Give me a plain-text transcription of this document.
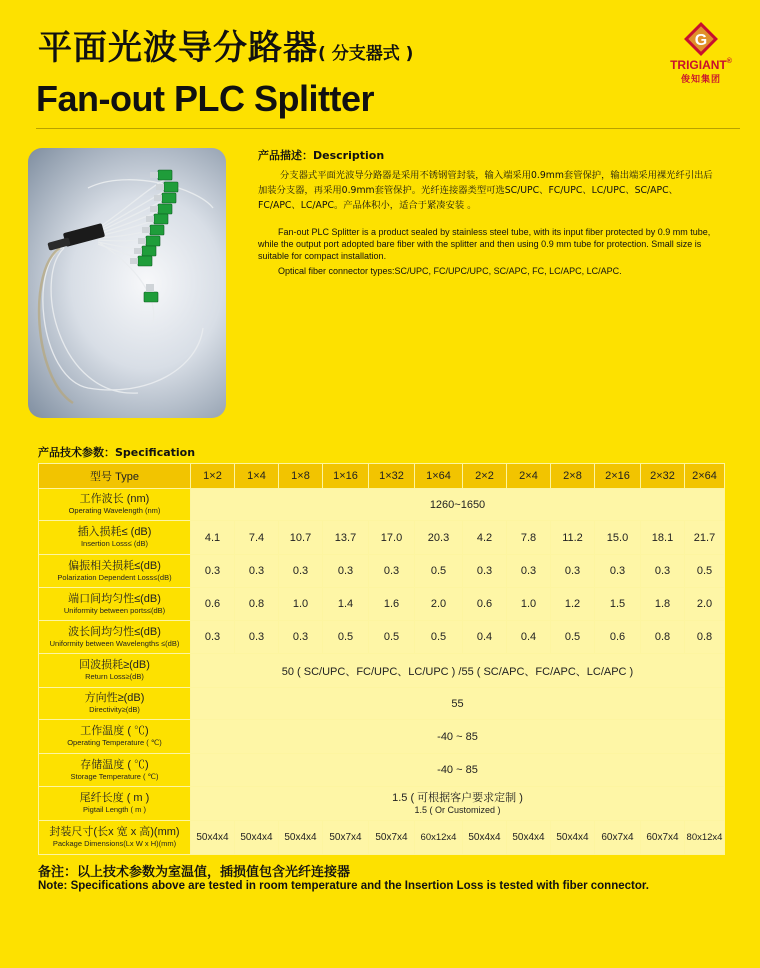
平面光波导分路器( 分支器式 )
Fan-out PLC Splitter
G
TRIGIANT®
俊知集团
产品描述：Description
分支器式平面光波导分路器是采用不锈钢管封装，输入端采用0.9mm套管保护，输出端采用裸光纤引出后加装分支器，再采用0.9mm套管保护。光纤连接器类型可选SC/UPC、FC/UPC、LC/UPC、SC/APC、FC/APC、LC/APC。产品体积小，适合于紧凑安装 。
Fan-out PLC Splitter is a product sealed by stainless steel tube, with its input fiber protected by 0.9 mm tube, while the output port adopted bare fiber with the splitter and then using 0.9 mm tube for protection. Small size is suitable for compact installation.
Optical fiber connector types:SC/UPC, FC/UPC/UPC, SC/APC, FC, LC/APC, LC/APC.
产品技术参数：Specification
型号 Type	1×2	1×4	1×8	1×16	1×32	1×64	2×2	2×4	2×8	2×16	2×32	2×64

工作波长 (nm)
Operating Wavelength (nm)	1260~1650											

插入损耗≤ (dB)
Insertion Loss≤ (dB)	4.1	7.4	10.7	13.7	17.0	20.3	4.2	7.8	11.2	15.0	18.1	21.7

偏振相关损耗≤(dB)
Polarization Dependent Loss≤(dB)	0.3	0.3	0.3	0.3	0.3	0.5	0.3	0.3	0.3	0.3	0.3	0.5

端口间均匀性≤(dB)
Uniformity between ports≤(dB)	0.6	0.8	1.0	1.4	1.6	2.0	0.6	1.0	1.2	1.5	1.8	2.0

波长间均匀性≤(dB)
Uniformity between Wavelengths ≤(dB)	0.3	0.3	0.3	0.5	0.5	0.5	0.4	0.4	0.5	0.6	0.8	0.8

回波损耗≥(dB)
Return Loss≥(dB)	50 ( SC/UPC、FC/UPC、LC/UPC ) /55 ( SC/APC、FC/APC、LC/APC )											

方向性≥(dB)
Directivity≥(dB)	55											

工作温度 ( ℃)
Operating Temperature ( ℃)	-40 ~ 85											

存储温度 ( ℃)
Storage Temperature ( ℃)	-40 ~ 85											

尾纤长度 ( m )
Pigtail Length ( m )	1.5 ( 可根据客户要求定制 )
1.5 ( Or Customized )											

封装尺寸(长x 宽 x 高)(mm)
Package Dimensions(Lx W x H)(mm)	50x4x4	50x4x4	50x4x4	50x7x4	50x7x4	60x12x4	50x4x4	50x4x4	50x4x4	60x7x4	60x7x4	80x12x4
备注：以上技术参数为室温值，插损值包含光纤连接器
Note: Specifications above are tested in room temperature and the Insertion Loss is tested with fiber connector.
